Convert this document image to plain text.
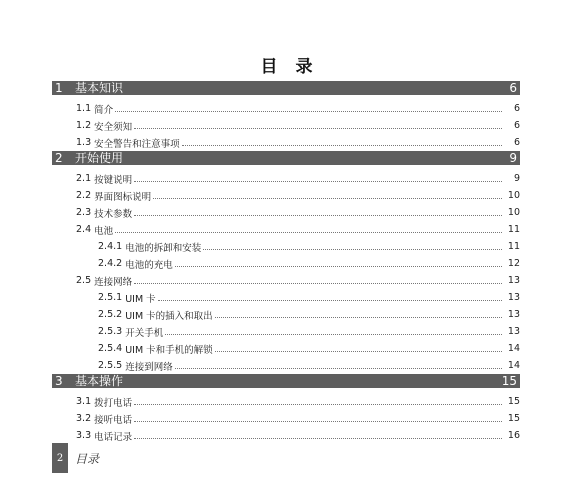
目 录
1	基本知识	6
1.1 简介	6
1.2 安全须知	6
1.3 安全警告和注意事项	6
2	开始使用	9
2.1 按键说明	9
2.2 界面图标说明	10
2.3 技术参数	10
2.4 电池	11
2.4.1 电池的拆卸和安装	11
2.4.2 电池的充电	12
2.5 连接网络	13
2.5.1 UIM 卡	13
2.5.2 UIM 卡的插入和取出	13
2.5.3 开关手机	13
2.5.4 UIM 卡和手机的解锁	14
2.5.5 连接到网络	14
3	基本操作	15
3.1 拨打电话	15
3.2 接听电话	15
3.3 电话记录	16
2 目录
